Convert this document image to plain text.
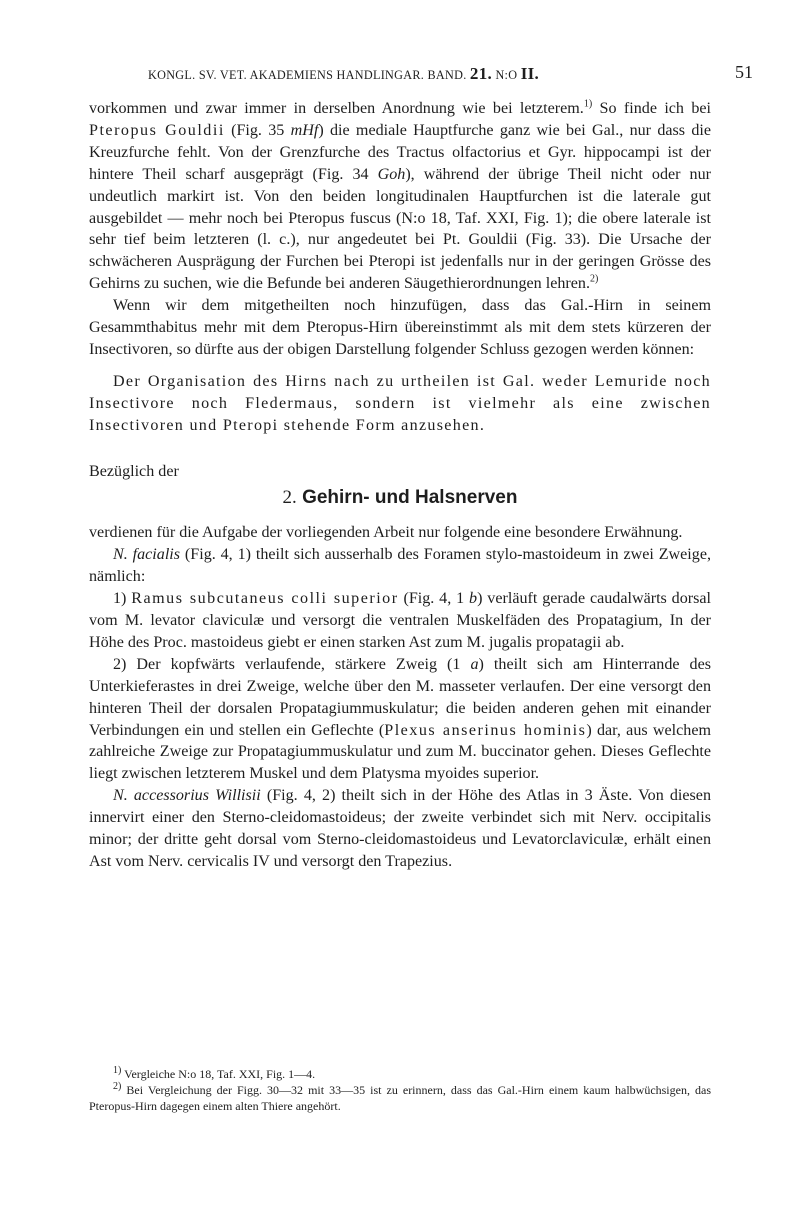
KONGL. SV. VET. AKADEMIENS HANDLINGAR. BAND. 21. N:O II.	51

vorkommen und zwar immer in derselben Anordnung wie bei letzterem.$^{1)}$ So finde ich bei Pteropus Gouldii (Fig. 35 mHf) die mediale Hauptfurche ganz wie bei Gal., nur dass die Kreuzfurche fehlt. Von der Grenzfurche des Tractus olfactorius et Gyr. hippocampi ist der hintere Theil scharf ausgeprägt (Fig. 34 Goh), während der übrige Theil nicht oder nur undeutlich markirt ist. Von den beiden longitudinalen Hauptfurchen ist die laterale gut ausgebildet — mehr noch bei Pteropus fuscus (N:o 18, Taf. XXI, Fig. 1); die obere laterale ist sehr tief beim letzteren (l. c.), nur angedeutet bei Pt. Gouldii (Fig. 33). Die Ursache der schwächeren Ausprägung der Furchen bei Pteropi ist jedenfalls nur in der geringen Grösse des Gehirns zu suchen, wie die Befunde bei anderen Säugethierordnungen lehren.$^{2)}$

Wenn wir dem mitgetheilten noch hinzufügen, dass das Gal.-Hirn in seinem Gesammthabitus mehr mit dem Pteropus-Hirn übereinstimmt als mit dem stets kürzeren der Insectivoren, so dürfte aus der obigen Darstellung folgender Schluss gezogen werden können:

Der Organisation des Hirns nach zu urtheilen ist Gal. weder Lemuride noch Insectivore noch Fledermaus, sondern ist vielmehr als eine zwischen Insectivoren und Pteropi stehende Form anzusehen.

Bezüglich der

2. Gehirn- und Halsnerven

verdienen für die Aufgabe der vorliegenden Arbeit nur folgende eine besondere Erwähnung.

N. facialis (Fig. 4, 1) theilt sich ausserhalb des Foramen stylo-mastoideum in zwei Zweige, nämlich:

1) Ramus subcutaneus colli superior (Fig. 4, 1 b) verläuft gerade caudalwärts dorsal vom M. levator claviculæ und versorgt die ventralen Muskelfäden des Propatagium, In der Höhe des Proc. mastoideus giebt er einen starken Ast zum M. jugalis propatagii ab.

2) Der kopfwärts verlaufende, stärkere Zweig (1 a) theilt sich am Hinterrande des Unterkieferastes in drei Zweige, welche über den M. masseter verlaufen. Der eine versorgt den hinteren Theil der dorsalen Propatagiummuskulatur; die beiden anderen gehen mit einander Verbindungen ein und stellen ein Geflechte (Plexus anserinus hominis) dar, aus welchem zahlreiche Zweige zur Propatagiummuskulatur und zum M. buccinator gehen. Dieses Geflechte liegt zwischen letzterem Muskel und dem Platysma myoides superior.

N. accessorius Willisii (Fig. 4, 2) theilt sich in der Höhe des Atlas in 3 Äste. Von diesen innervirt einer den Sterno-cleidomastoideus; der zweite verbindet sich mit Nerv. occipitalis minor; der dritte geht dorsal vom Sterno-cleidomastoideus und Levatorclaviculæ, erhält einen Ast vom Nerv. cervicalis IV und versorgt den Trapezius.

$^{1)}$ Vergleiche N:o 18, Taf. XXI, Fig. 1—4.

$^{2)}$ Bei Vergleichung der Figg. 30—32 mit 33—35 ist zu erinnern, dass das Gal.-Hirn einem kaum halbwüchsigen, das Pteropus-Hirn dagegen einem alten Thiere angehört.
